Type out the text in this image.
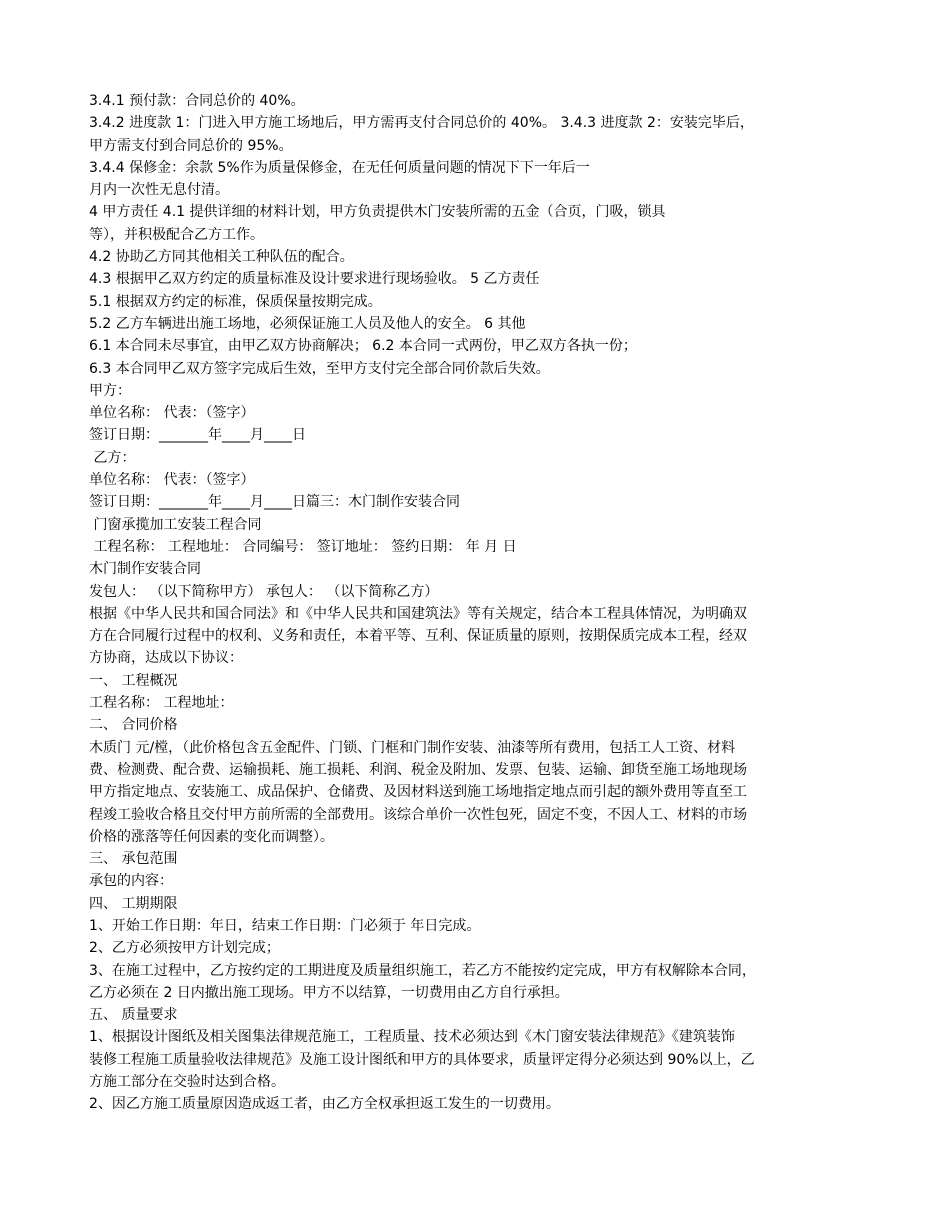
3.4.1 预付款：合同总价的 40%。
3.4.2 进度款 1：门进入甲方施工场地后，甲方需再支付合同总价的 40%。 3.4.3 进度款 2：安装完毕后，
甲方需支付到合同总价的 95%。
3.4.4 保修金：余款 5%作为质量保修金，在无任何质量问题的情况下下一年后一
月内一次性无息付清。
4 甲方责任 4.1 提供详细的材料计划，甲方负责提供木门安装所需的五金（合页，门吸，锁具
等），并积极配合乙方工作。
4.2 协助乙方同其他相关工种队伍的配合。
4.3 根据甲乙双方约定的质量标准及设计要求进行现场验收。 5 乙方责任
5.1 根据双方约定的标准，保质保量按期完成。
5.2 乙方车辆进出施工场地，必须保证施工人员及他人的安全。 6 其他
6.1 本合同未尽事宜，由甲乙双方协商解决； 6.2 本合同一式两份，甲乙双方各执一份；
6.3 本合同甲乙双方签字完成后生效，至甲方支付完全部合同价款后失效。
甲方：
单位名称： 代表：（签字）
签订日期：_______年____月____日
乙方：
单位名称： 代表：（签字）
签订日期：_______年____月____日篇三：木门制作安装合同
门窗承揽加工安装工程合同
工程名称： 工程地址： 合同编号： 签订地址： 签约日期： 年 月 日
木门制作安装合同
发包人： （以下简称甲方） 承包人： （以下简称乙方）
根据《中华人民共和国合同法》和《中华人民共和国建筑法》等有关规定，结合本工程具体情况，为明确双
方在合同履行过程中的权利、义务和责任，本着平等、互利、保证质量的原则，按期保质完成本工程，经双
方协商，达成以下协议：
一、 工程概况
工程名称： 工程地址：
二、 合同价格
木质门 元/樘，（此价格包含五金配件、门锁、门框和门制作安装、油漆等所有费用，包括工人工资、材料
费、检测费、配合费、运输损耗、施工损耗、利润、税金及附加、发票、包装、运输、卸货至施工场地现场
甲方指定地点、安装施工、成品保护、仓储费、及因材料送到施工场地指定地点而引起的额外费用等直至工
程竣工验收合格且交付甲方前所需的全部费用。该综合单价一次性包死，固定不变，不因人工、材料的市场
价格的涨落等任何因素的变化而调整）。
三、 承包范围
承包的内容：
四、 工期期限
1、开始工作日期：年日，结束工作日期：门必须于 年日完成。
2、乙方必须按甲方计划完成；
3、在施工过程中，乙方按约定的工期进度及质量组织施工，若乙方不能按约定完成，甲方有权解除本合同，
乙方必须在 2 日内撤出施工现场。甲方不以结算，一切费用由乙方自行承担。
五、 质量要求
1、根据设计图纸及相关图集法律规范施工，工程质量、技术必须达到《木门窗安装法律规范》《建筑装饰
装修工程施工质量验收法律规范》及施工设计图纸和甲方的具体要求，质量评定得分必须达到 90%以上，乙
方施工部分在交验时达到合格。
2、因乙方施工质量原因造成返工者，由乙方全权承担返工发生的一切费用。
